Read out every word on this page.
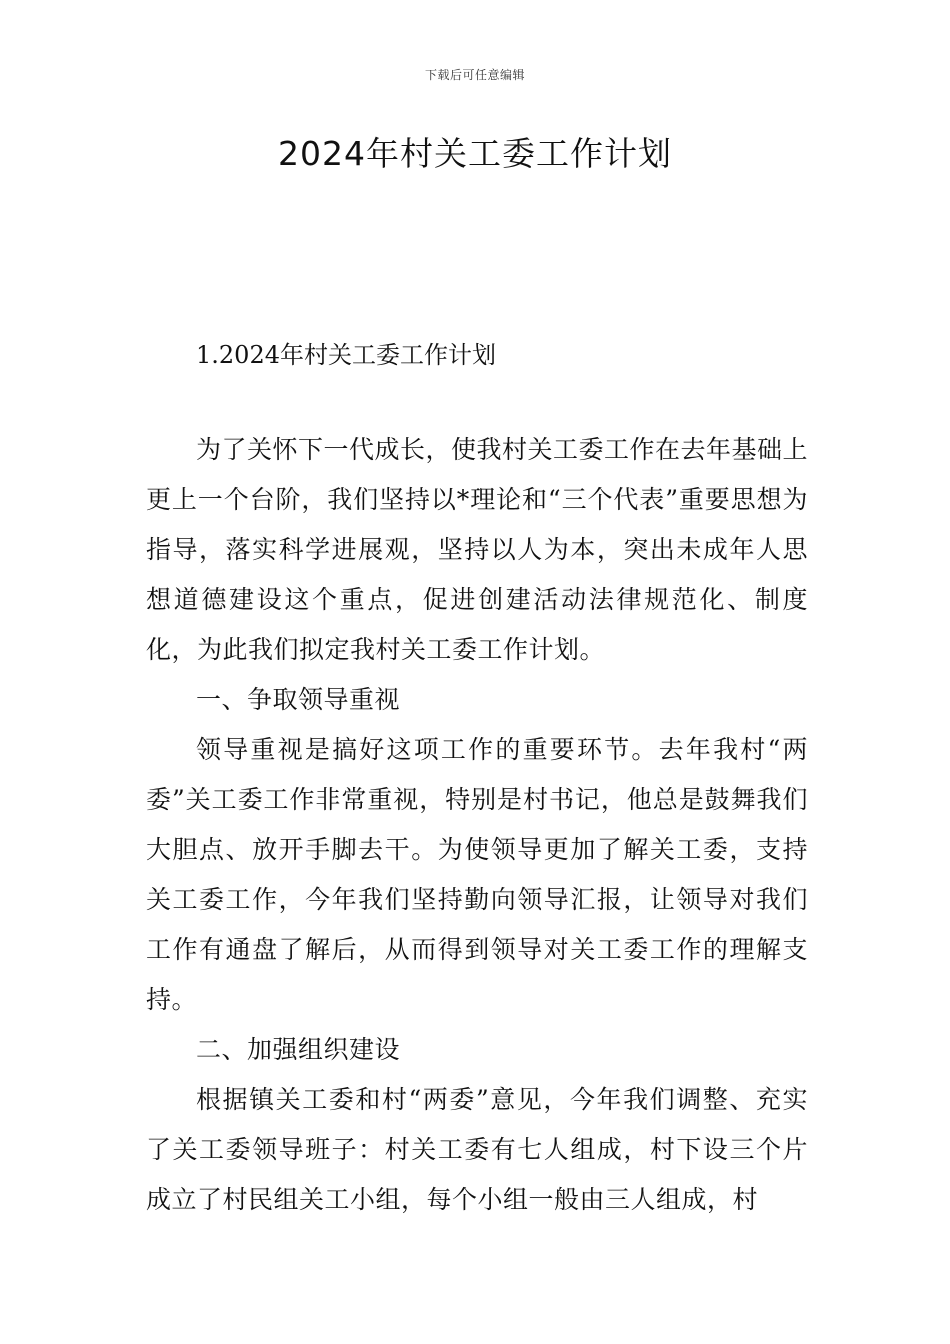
下载后可任意编辑
2024年村关工委工作计划
1.2024年村关工委工作计划

为了关怀下一代成长，使我村关工委工作在去年基础上更上一个台阶，我们坚持以*理论和“三个代表”重要思想为指导，落实科学进展观，坚持以人为本，突出未成年人思想道德建设这个重点，促进创建活动法律规范化、制度化，为此我们拟定我村关工委工作计划。

一、争取领导重视

领导重视是搞好这项工作的重要环节。去年我村“两委”关工委工作非常重视，特别是村书记，他总是鼓舞我们大胆点、放开手脚去干。为使领导更加了解关工委，支持关工委工作，今年我们坚持勤向领导汇报，让领导对我们工作有通盘了解后，从而得到领导对关工委工作的理解支持。

二、加强组织建设

根据镇关工委和村“两委”意见，今年我们调整、充实了关工委领导班子：村关工委有七人组成，村下设三个片成立了村民组关工小组，每个小组一般由三人组成，村
